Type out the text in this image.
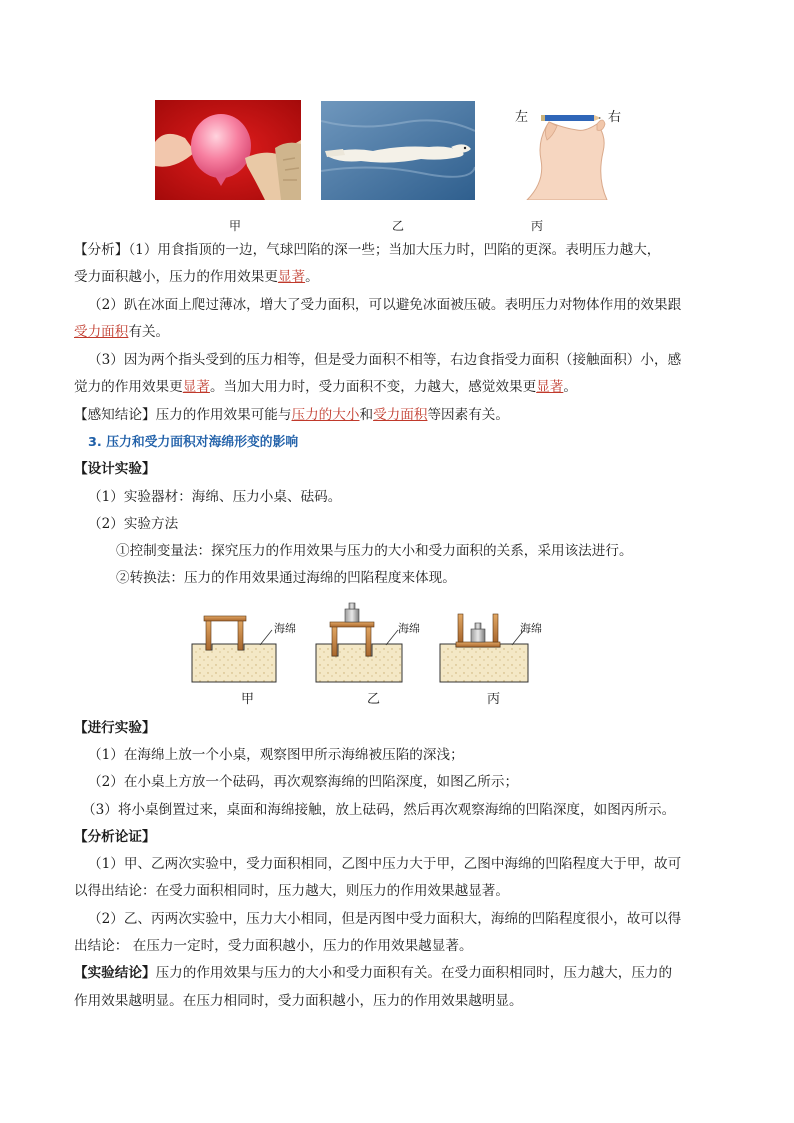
左	右
甲	乙	丙
【分析】（1）用食指顶的一边，气球凹陷的深一些；当加大压力时，凹陷的更深。表明压力越大，
受力面积越小，压力的作用效果更显著。
（2）趴在冰面上爬过薄冰，增大了受力面积，可以避免冰面被压破。表明压力对物体作用的效果跟
受力面积有关。
（3）因为两个指头受到的压力相等，但是受力面积不相等，右边食指受力面积（接触面积）小，感
觉力的作用效果更显著。当加大用力时，受力面积不变，力越大，感觉效果更显著。
【感知结论】压力的作用效果可能与压力的大小和受力面积等因素有关。
3. 压力和受力面积对海绵形变的影响
【设计实验】
（1）实验器材：海绵、压力小桌、砝码。
（2）实验方法
①控制变量法：探究压力的作用效果与压力的大小和受力面积的关系，采用该法进行。
②转换法：压力的作用效果通过海绵的凹陷程度来体现。
海绵	海绵	海绵
甲	乙	丙
【进行实验】
（1）在海绵上放一个小桌，观察图甲所示海绵被压陷的深浅；
（2）在小桌上方放一个砝码，再次观察海绵的凹陷深度，如图乙所示；
（3）将小桌倒置过来，桌面和海绵接触，放上砝码，然后再次观察海绵的凹陷深度，如图丙所示。
【分析论证】
（1）甲、乙两次实验中，受力面积相同，乙图中压力大于甲，乙图中海绵的凹陷程度大于甲，故可
以得出结论：在受力面积相同时，压力越大，则压力的作用效果越显著。
（2）乙、丙两次实验中，压力大小相同，但是丙图中受力面积大，海绵的凹陷程度很小，故可以得
出结论： 在压力一定时，受力面积越小，压力的作用效果越显著。
【实验结论】压力的作用效果与压力的大小和受力面积有关。在受力面积相同时，压力越大，压力的
作用效果越明显。在压力相同时，受力面积越小，压力的作用效果越明显。
